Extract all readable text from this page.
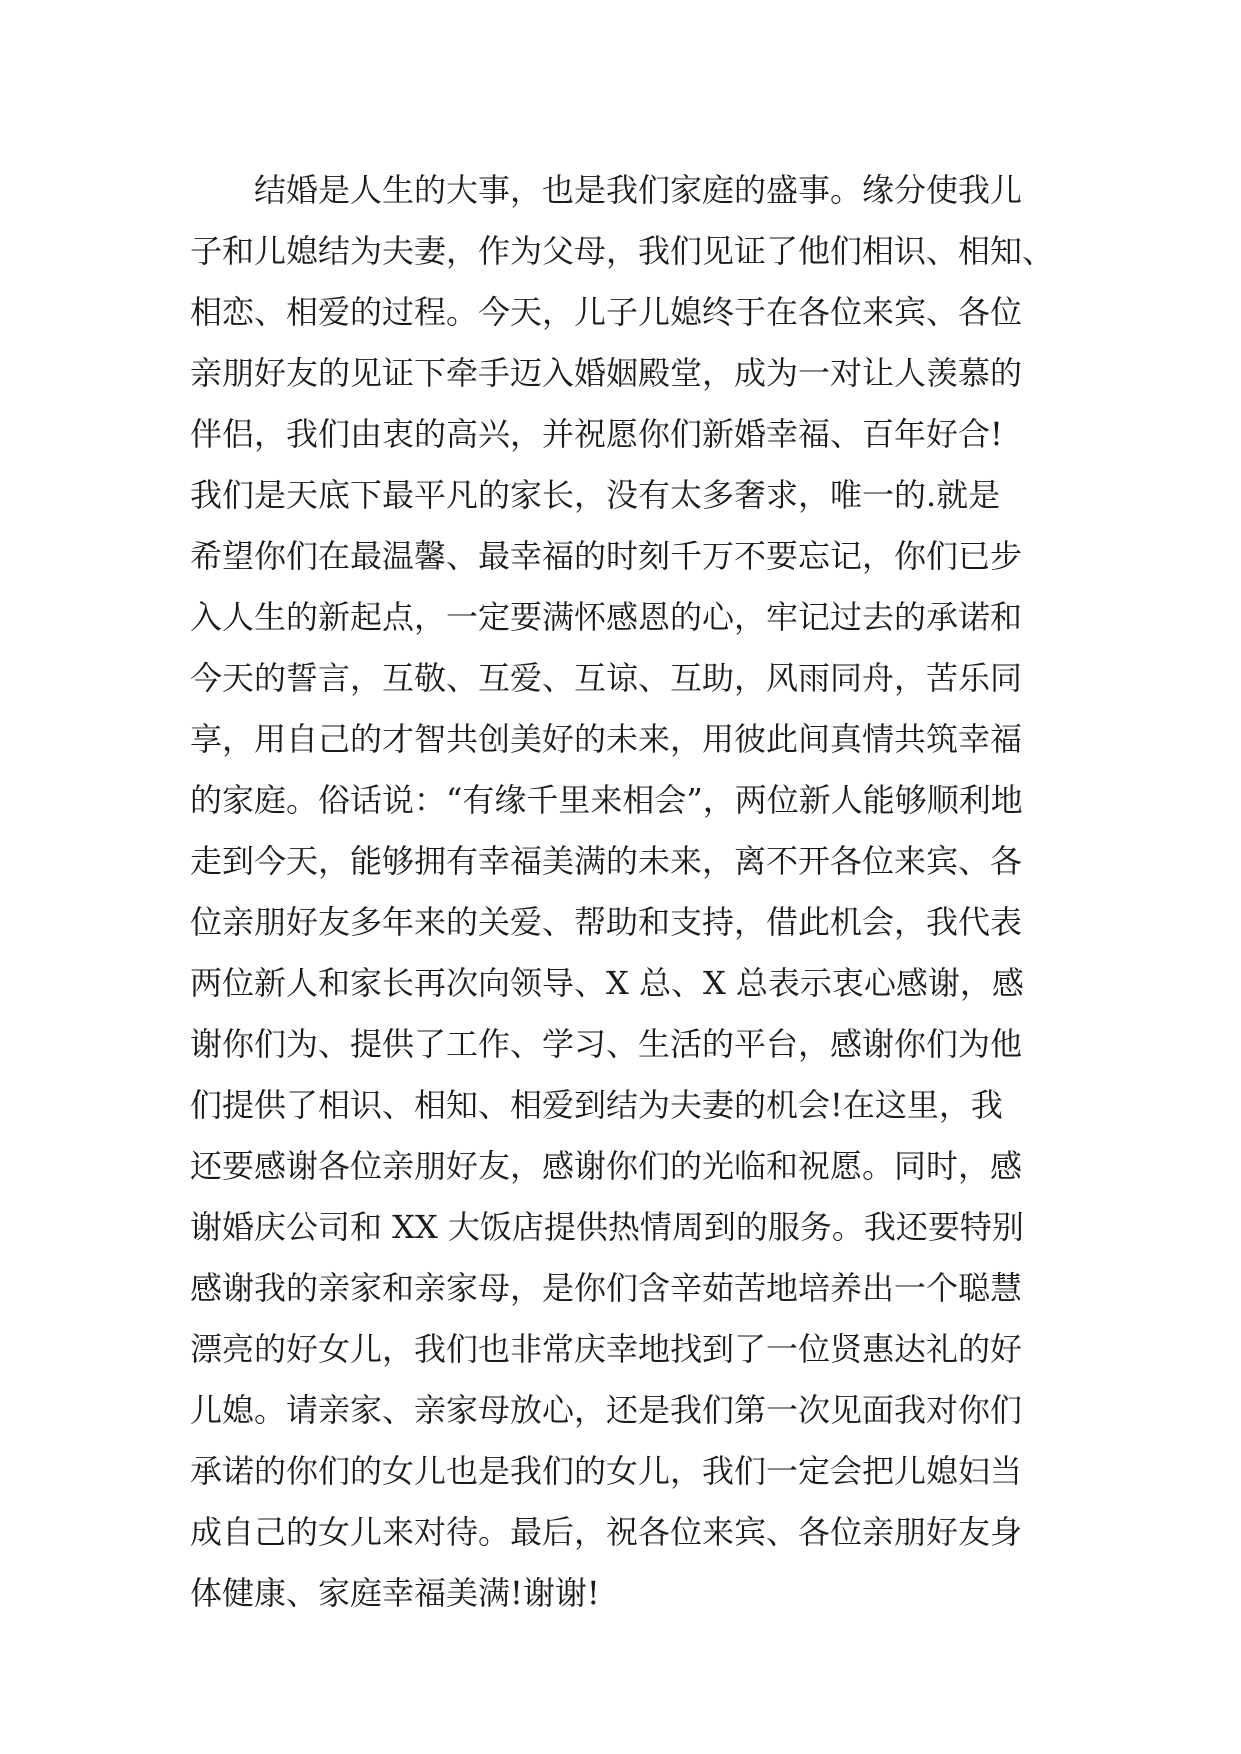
结婚是人生的大事，也是我们家庭的盛事。缘分使我儿
子和儿媳结为夫妻，作为父母，我们见证了他们相识、相知、
相恋、相爱的过程。今天，儿子儿媳终于在各位来宾、各位
亲朋好友的见证下牵手迈入婚姻殿堂，成为一对让人羡慕的
伴侣，我们由衷的高兴，并祝愿你们新婚幸福、百年好合!
我们是天底下最平凡的家长，没有太多奢求，唯一的.就是
希望你们在最温馨、最幸福的时刻千万不要忘记，你们已步
入人生的新起点，一定要满怀感恩的心，牢记过去的承诺和
今天的誓言，互敬、互爱、互谅、互助，风雨同舟，苦乐同
享，用自己的才智共创美好的未来，用彼此间真情共筑幸福
的家庭。俗话说：“有缘千里来相会”，两位新人能够顺利地
走到今天，能够拥有幸福美满的未来，离不开各位来宾、各
位亲朋好友多年来的关爱、帮助和支持，借此机会，我代表
两位新人和家长再次向领导、X 总、X 总表示衷心感谢，感
谢你们为、提供了工作、学习、生活的平台，感谢你们为他
们提供了相识、相知、相爱到结为夫妻的机会!在这里，我
还要感谢各位亲朋好友，感谢你们的光临和祝愿。同时，感
谢婚庆公司和 XX 大饭店提供热情周到的服务。我还要特别
感谢我的亲家和亲家母，是你们含辛茹苦地培养出一个聪慧
漂亮的好女儿，我们也非常庆幸地找到了一位贤惠达礼的好
儿媳。请亲家、亲家母放心，还是我们第一次见面我对你们
承诺的你们的女儿也是我们的女儿，我们一定会把儿媳妇当
成自己的女儿来对待。最后，祝各位来宾、各位亲朋好友身
体健康、家庭幸福美满!谢谢!
